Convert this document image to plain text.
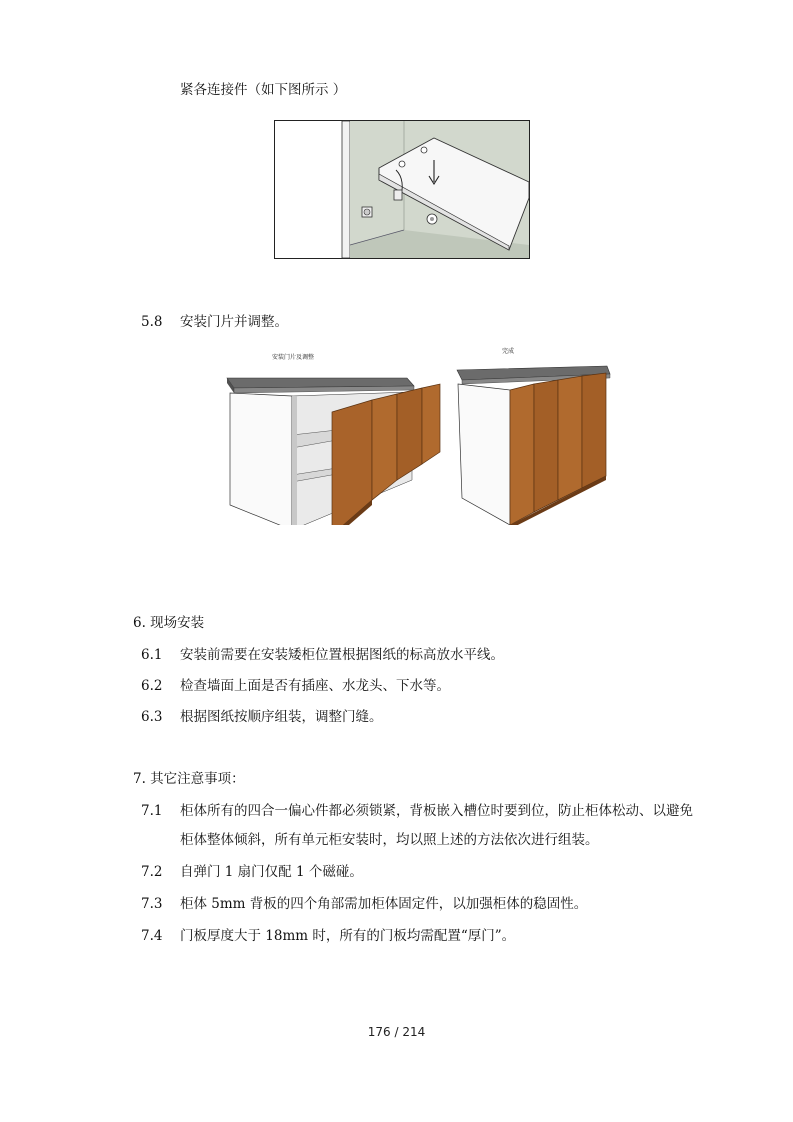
紧各连接件（如下图所示 ）
5.8 安装门片并调整。
安装门片及调整
完成
6. 现场安装
6.1 安装前需要在安装矮柜位置根据图纸的标高放水平线。
6.2 检查墙面上面是否有插座、水龙头、下水等。
6.3 根据图纸按顺序组装，调整门缝。
7. 其它注意事项：
7.1 柜体所有的四合一偏心件都必须锁紧，背板嵌入槽位时要到位，防止柜体松动、以避免
柜体整体倾斜，所有单元柜安装时，均以照上述的方法依次进行组装。
7.2 自弹门 1 扇门仅配 1 个磁碰。
7.3 柜体 5mm 背板的四个角部需加柜体固定件，以加强柜体的稳固性。
7.4 门板厚度大于 18mm 时，所有的门板均需配置“厚门”。
176 / 214
